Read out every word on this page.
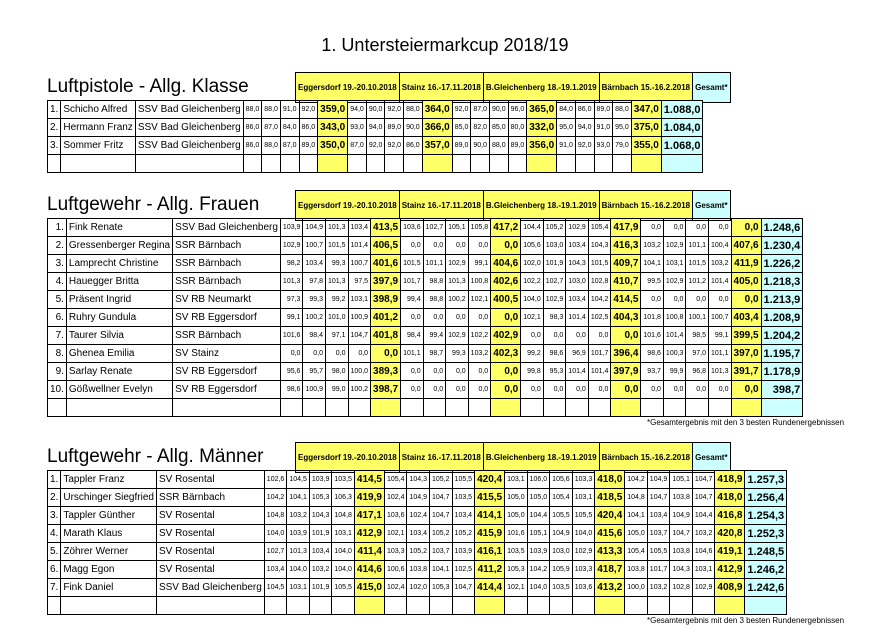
1. Untersteiermarkcup 2018/19
Luftpistole - Allg. Klasse	Eggersdorf 19.-20.10.2018	Stainz 16.-17.11.2018	B.Gleichenberg 18.-19.1.2019	Bärnbach 15.-16.2.2018	Gesamt*
1.	Schicho Alfred	SSV Bad Gleichenberg	88,0	88,0	91,0	92,0	359,0	94,0	90,0	92,0	88,0	364,0	92,0	87,0	90,0	96,0	365,0	84,0	86,0	89,0	88,0	347,0	1.088,0
2.	Hermann Franz	SSV Bad Gleichenberg	86,0	87,0	84,0	86,0	343,0	93,0	94,0	89,0	90,0	366,0	85,0	82,0	85,0	80,0	332,0	95,0	94,0	91,0	95,0	375,0	1.084,0
3.	Sommer Fritz	SSV Bad Gleichenberg	86,0	88,0	87,0	89,0	350,0	87,0	92,0	92,0	86,0	357,0	89,0	90,0	88,0	89,0	356,0	91,0	92,0	93,0	79,0	355,0	1.068,0

Luftgewehr - Allg. Frauen	Eggersdorf 19.-20.10.2018	Stainz 16.-17.11.2018	B.Gleichenberg 18.-19.1.2019	Bärnbach 15.-16.2.2018	Gesamt*
1.	Fink Renate	SSV Bad Gleichenberg	103,9	104,9	101,3	103,4	413,5	103,6	102,7	105,1	105,8	417,2	104,4	105,2	102,9	105,4	417,9	0,0	0,0	0,0	0,0	0,0	1.248,6
2.	Gressenberger Regina	SSR Bärnbach	102,9	100,7	101,5	101,4	406,5	0,0	0,0	0,0	0,0	0,0	105,6	103,0	103,4	104,3	416,3	103,2	102,9	101,1	100,4	407,6	1.230,4
3.	Lamprecht Christine	SSR Bärnbach	98,2	103,4	99,3	100,7	401,6	101,5	101,1	102,9	99,1	404,6	102,0	101,9	104,3	101,5	409,7	104,1	103,1	101,5	103,2	411,9	1.226,2
4.	Hauegger Britta	SSR Bärnbach	101,3	97,8	101,3	97,5	397,9	101,7	98,8	101,3	100,8	402,6	102,2	102,7	103,0	102,8	410,7	99,5	102,9	101,2	101,4	405,0	1.218,3
5.	Präsent Ingrid	SV RB Neumarkt	97,3	99,3	99,2	103,1	398,9	99,4	98,8	100,2	102,1	400,5	104,0	102,9	103,4	104,2	414,5	0,0	0,0	0,0	0,0	0,0	1.213,9
6.	Ruhry Gundula	SV RB Eggersdorf	99,1	100,2	101,0	100,9	401,2	0,0	0,0	0,0	0,0	0,0	102,1	98,3	101,4	102,5	404,3	101,8	100,8	100,1	100,7	403,4	1.208,9
7.	Taurer Silvia	SSR Bärnbach	101,6	98,4	97,1	104,7	401,8	98,4	99,4	102,9	102,2	402,9	0,0	0,0	0,0	0,0	0,0	101,6	101,4	98,5	99,1	399,5	1.204,2
8.	Ghenea Emilia	SV Stainz	0,0	0,0	0,0	0,0	0,0	101,1	98,7	99,3	103,2	402,3	99,2	98,6	96,9	101,7	396,4	98,6	100,3	97,0	101,1	397,0	1.195,7
9.	Sarlay Renate	SV RB Eggersdorf	95,6	95,7	98,0	100,0	389,3	0,0	0,0	0,0	0,0	0,0	99,8	95,3	101,4	101,4	397,9	93,7	99,9	96,8	101,3	391,7	1.178,9
10.	Gößwellner Evelyn	SV RB Eggersdorf	98,6	100,9	99,0	100,2	398,7	0,0	0,0	0,0	0,0	0,0	0,0	0,0	0,0	0,0	0,0	0,0	0,0	0,0	0,0	0,0	398,7

*Gesamtergebnis mit den 3 besten Rundenergebnissen
Luftgewehr - Allg. Männer	Eggersdorf 19.-20.10.2018	Stainz 16.-17.11.2018	B.Gleichenberg 18.-19.1.2019	Bärnbach 15.-16.2.2018	Gesamt*
1.	Tappler Franz	SV Rosental	102,6	104,5	103,9	103,5	414,5	105,4	104,3	105,2	105,5	420,4	103,1	106,0	105,6	103,3	418,0	104,2	104,9	105,1	104,7	418,9	1.257,3
2.	Urschinger Siegfried	SSR Bärnbach	104,2	104,1	105,3	106,3	419,9	102,4	104,9	104,7	103,5	415,5	105,0	105,0	105,4	103,1	418,5	104,8	104,7	103,8	104,7	418,0	1.256,4
3.	Tappler Günther	SV Rosental	104,8	103,2	104,3	104,8	417,1	103,6	102,4	104,7	103,4	414,1	105,0	104,4	105,5	105,5	420,4	104,1	103,4	104,9	104,4	416,8	1.254,3
4.	Marath Klaus	SV Rosental	104,0	103,9	101,9	103,1	412,9	102,1	103,4	105,2	105,2	415,9	101,6	105,1	104,9	104,0	415,6	105,0	103,7	104,7	103,2	420,8	1.252,3
5.	Zöhrer Werner	SV Rosental	102,7	101,3	103,4	104,0	411,4	103,3	105,2	103,7	103,9	416,1	103,5	103,9	103,0	102,9	413,3	105,4	105,5	103,8	104,6	419,1	1.248,5
6.	Magg Egon	SV Rosental	103,4	104,0	103,2	104,0	414,6	100,6	103,8	104,1	102,5	411,2	105,3	104,2	105,9	103,3	418,7	103,8	101,7	104,3	103,1	412,9	1.246,2
7.	Fink Daniel	SSV Bad Gleichenberg	104,5	103,1	101,9	105,5	415,0	102,4	102,0	105,3	104,7	414,4	102,1	104,0	103,5	103,6	413,2	100,0	103,2	102,8	102,9	408,9	1.242,6

*Gesamtergebnis mit den 3 besten Rundenergebnissen
